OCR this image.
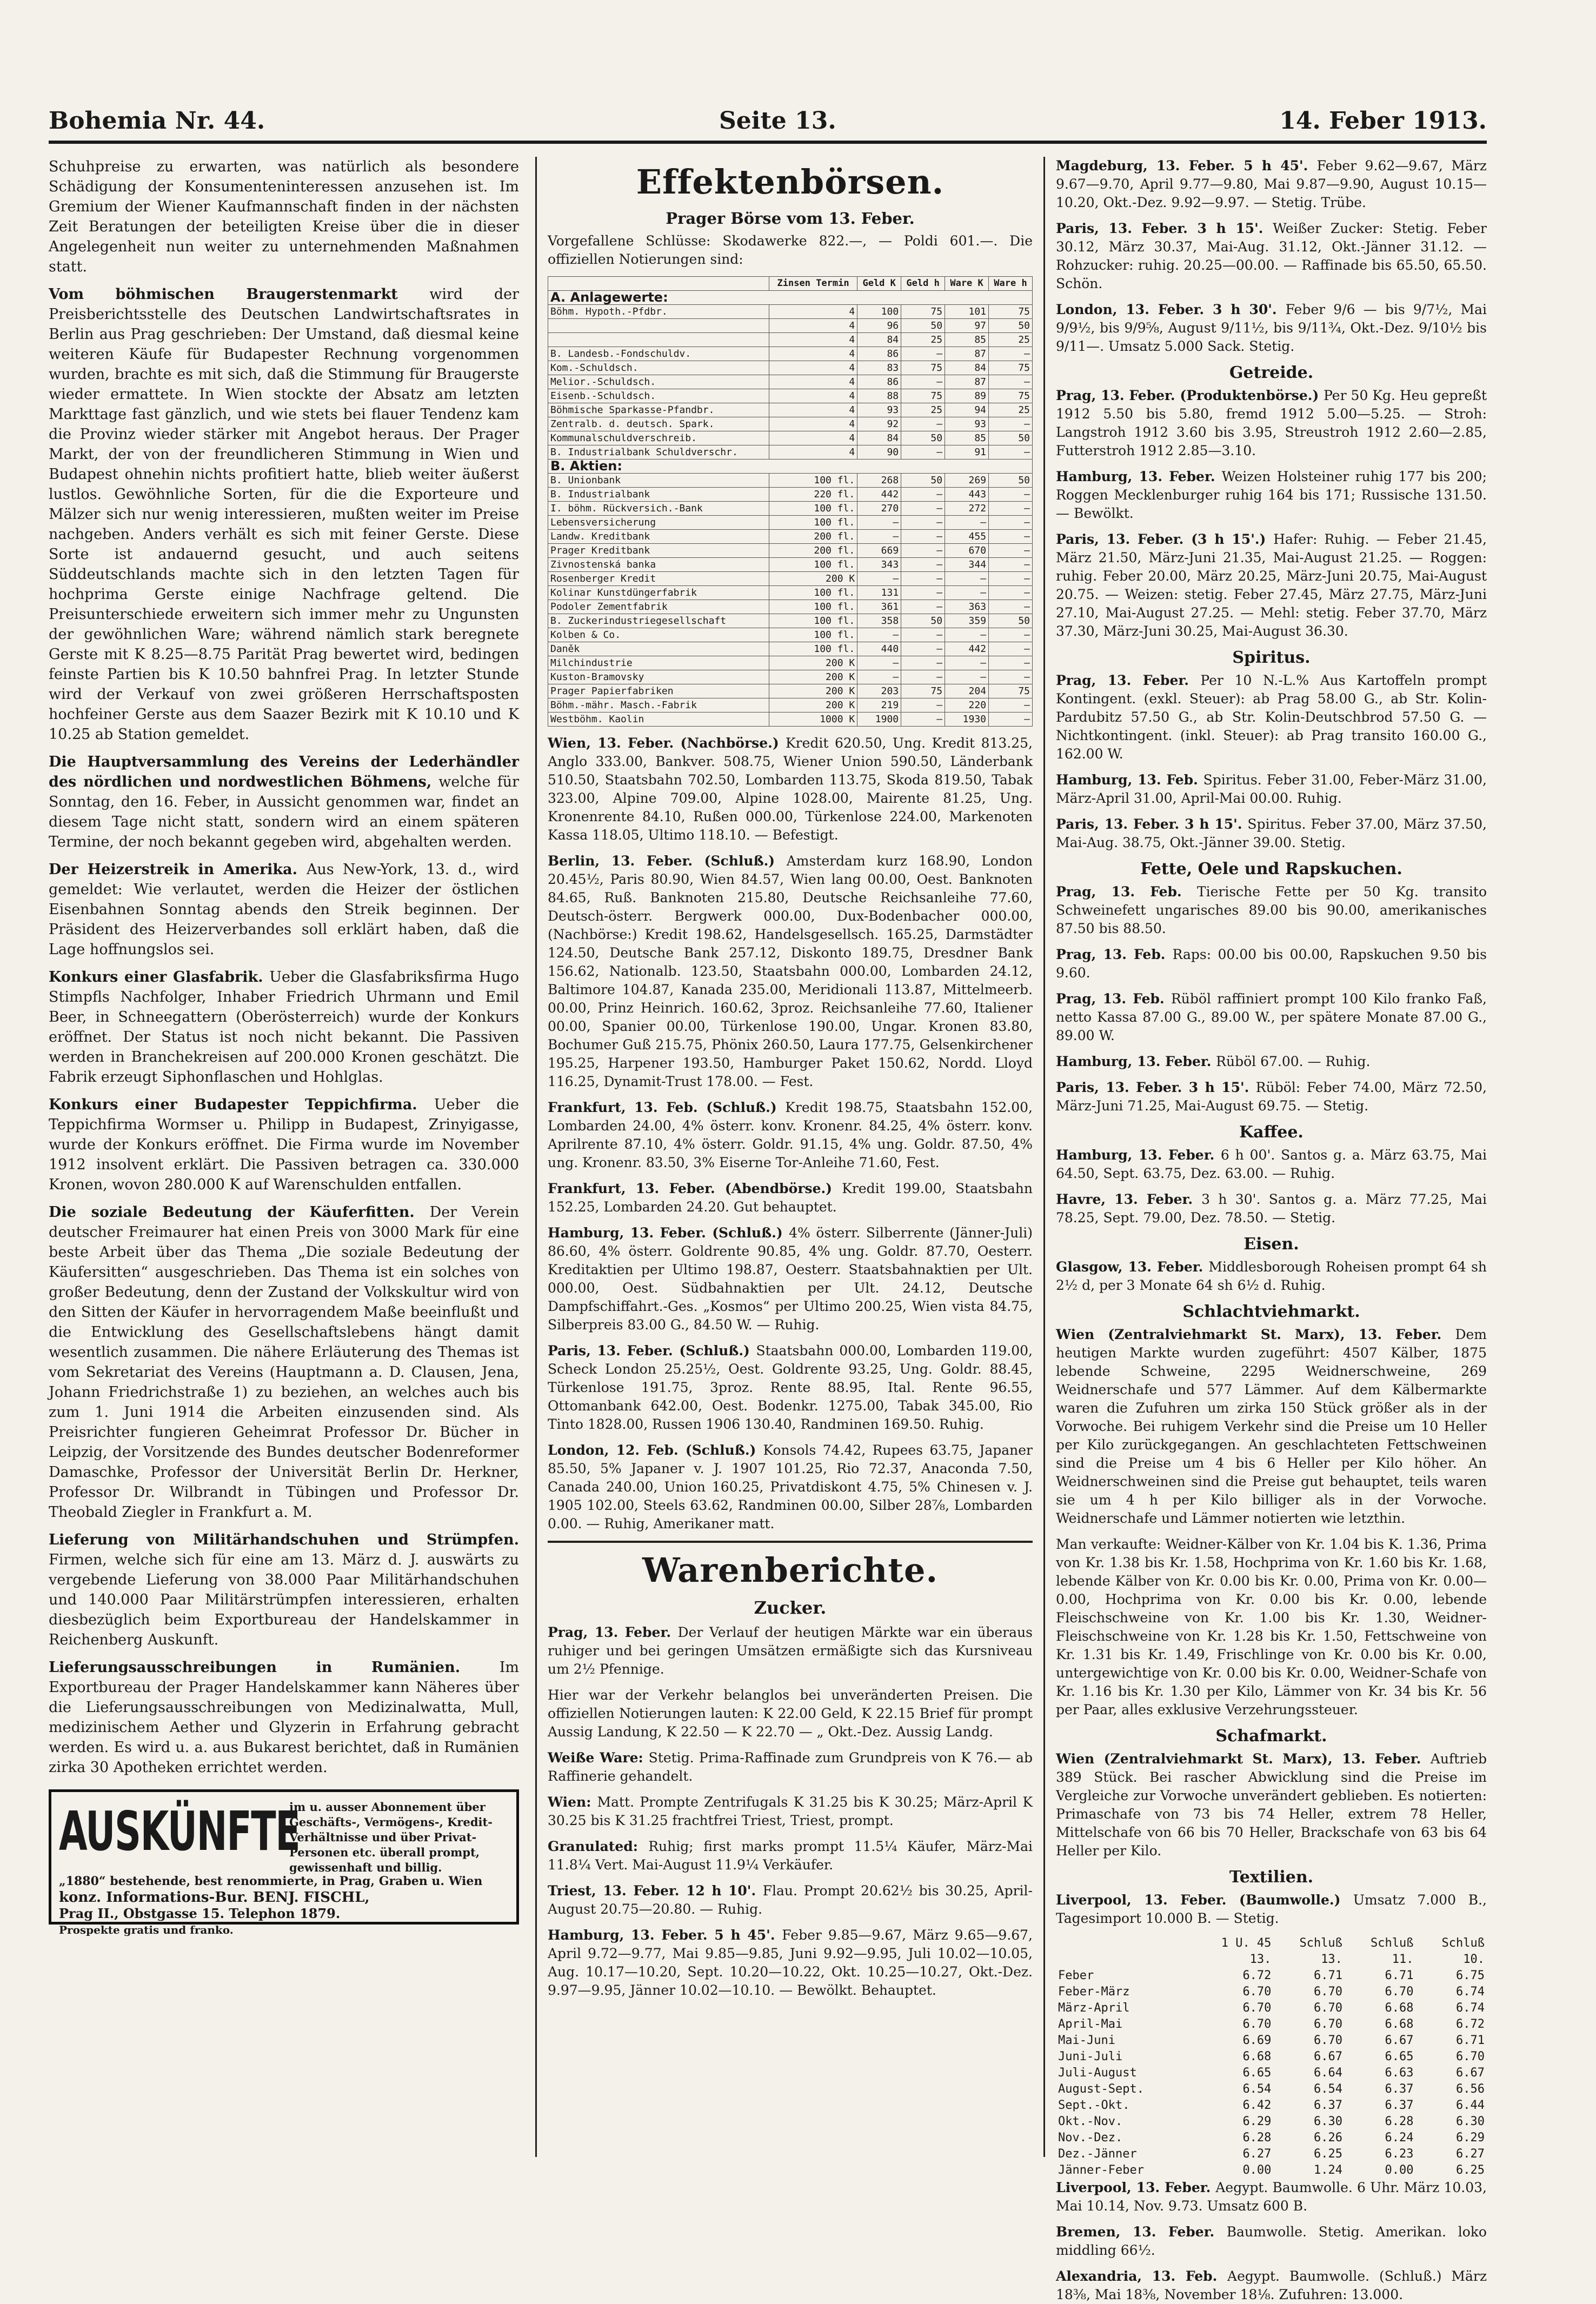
Bohemia Nr. 44.	Seite 13.	14. Feber 1913.

Schuhpreise zu erwarten, was natürlich als besondere Schädigung der Konsumenteninteressen anzusehen ist. Im Gremium der Wiener Kaufmannschaft finden in der nächsten Zeit Beratungen der beteiligten Kreise über die in dieser Angelegenheit nun weiter zu unternehmenden Maßnahmen statt.

Vom böhmischen Braugerstenmarkt wird der Preisberichtsstelle des Deutschen Landwirtschaftsrates in Berlin aus Prag geschrieben: Der Umstand, daß diesmal keine weiteren Käufe für Budapester Rechnung vorgenommen wurden, brachte es mit sich, daß die Stimmung für Braugerste wieder ermattete. In Wien stockte der Absatz am letzten Markttage fast gänzlich, und wie stets bei flauer Tendenz kam die Provinz wieder stärker mit Angebot heraus. Der Prager Markt, der von der freundlicheren Stimmung in Wien und Budapest ohnehin nichts profitiert hatte, blieb weiter äußerst lustlos. Gewöhnliche Sorten, für die die Exporteure und Mälzer sich nur wenig interessieren, mußten weiter im Preise nachgeben. Anders verhält es sich mit feiner Gerste. Diese Sorte ist andauernd gesucht, und auch seitens Süddeutschlands machte sich in den letzten Tagen für hochprima Gerste einige Nachfrage geltend. Die Preisunterschiede erweitern sich immer mehr zu Ungunsten der gewöhnlichen Ware; während nämlich stark beregnete Gerste mit K 8.25—8.75 Parität Prag bewertet wird, bedingen feinste Partien bis K 10.50 bahnfrei Prag. In letzter Stunde wird der Verkauf von zwei größeren Herrschaftsposten hochfeiner Gerste aus dem Saazer Bezirk mit K 10.10 und K 10.25 ab Station gemeldet.

Die Hauptversammlung des Vereins der Lederhändler des nördlichen und nordwestlichen Böhmens, welche für Sonntag, den 16. Feber, in Aussicht genommen war, findet an diesem Tage nicht statt, sondern wird an einem späteren Termine, der noch bekannt gegeben wird, abgehalten werden.

Der Heizerstreik in Amerika. Aus New-York, 13. d., wird gemeldet: Wie verlautet, werden die Heizer der östlichen Eisenbahnen Sonntag abends den Streik beginnen. Der Präsident des Heizerverbandes soll erklärt haben, daß die Lage hoffnungslos sei.

Konkurs einer Glasfabrik. Ueber die Glasfabriksfirma Hugo Stimpfls Nachfolger, Inhaber Friedrich Uhrmann und Emil Beer, in Schneegattern (Oberösterreich) wurde der Konkurs eröffnet. Der Status ist noch nicht bekannt. Die Passiven werden in Branchekreisen auf 200.000 Kronen geschätzt. Die Fabrik erzeugt Siphonflaschen und Hohlglas.

Konkurs einer Budapester Teppichfirma. Ueber die Teppichfirma Wormser u. Philipp in Budapest, Zrinyigasse, wurde der Konkurs eröffnet. Die Firma wurde im November 1912 insolvent erklärt. Die Passiven betragen ca. 330.000 Kronen, wovon 280.000 K auf Warenschulden entfallen.

Die soziale Bedeutung der Käuferfitten. Der Verein deutscher Freimaurer hat einen Preis von 3000 Mark für eine beste Arbeit über das Thema „Die soziale Bedeutung der Käufersitten“ ausgeschrieben. Das Thema ist ein solches von großer Bedeutung, denn der Zustand der Volkskultur wird von den Sitten der Käufer in hervorragendem Maße beeinflußt und die Entwicklung des Gesellschaftslebens hängt damit wesentlich zusammen. Die nähere Erläuterung des Themas ist vom Sekretariat des Vereins (Hauptmann a. D. Clausen, Jena, Johann Friedrichstraße 1) zu beziehen, an welches auch bis zum 1. Juni 1914 die Arbeiten einzusenden sind. Als Preisrichter fungieren Geheimrat Professor Dr. Bücher in Leipzig, der Vorsitzende des Bundes deutscher Bodenreformer Damaschke, Professor der Universität Berlin Dr. Herkner, Professor Dr. Wilbrandt in Tübingen und Professor Dr. Theobald Ziegler in Frankfurt a. M.

Lieferung von Militärhandschuhen und Strümpfen. Firmen, welche sich für eine am 13. März d. J. auswärts zu vergebende Lieferung von 38.000 Paar Militärhandschuhen und 140.000 Paar Militärstrümpfen interessieren, erhalten diesbezüglich beim Exportbureau der Handelskammer in Reichenberg Auskunft.

Lieferungsausschreibungen in Rumänien. Im Exportbureau der Prager Handelskammer kann Näheres über die Lieferungsausschreibungen von Medizinalwatta, Mull, medizinischem Aether und Glyzerin in Erfahrung gebracht werden. Es wird u. a. aus Bukarest berichtet, daß in Rumänien zirka 30 Apotheken errichtet werden.

AUSKÜNFTE
im u. ausser Abonnement über Geschäfts-, Vermögens-, Kredit-Verhältnisse und über Privat-Personen etc. überall prompt, gewissenhaft und billig.
„1880“ bestehende, best renommierte, in Prag, Graben u. Wien
konz. Informations-Bur. BENJ. FISCHL,
Prag II., Obstgasse 15. Telephon 1879.
Prospekte gratis und franko.
Effektenbörsen.
Prager Börse vom 13. Feber.

Vorgefallene Schlüsse: Skodawerke 822.—, — Poldi 601.—. Die offiziellen Notierungen sind:

	Zinsen Termin	Geld K	Geld h	Ware K	Ware h
A. Anlagewerte:					
Böhm. Hypoth.-Pfdbr.	4	100	75	101	75
	4	96	50	97	50
	4	84	25	85	25
B. Landesb.-Fondschuldv.	4	86	—	87	—
Kom.-Schuldsch.	4	83	75	84	75
Melior.-Schuldsch.	4	86	—	87	—
Eisenb.-Schuldsch.	4	88	75	89	75
Böhmische Sparkasse-Pfandbr.	4	93	25	94	25
Zentralb. d. deutsch. Spark.	4	92	—	93	—
Kommunalschuldverschreib.	4	84	50	85	50
B. Industrialbank Schuldverschr.	4	90	—	91	—
B. Aktien:					
B. Unionbank	100 fl.	268	50	269	50
B. Industrialbank	220 fl.	442	—	443	—
I. böhm. Rückversich.-Bank	100 fl.	270	—	272	—
Lebensversicherung	100 fl.	—	—	—	—
Landw. Kreditbank	200 fl.	—	—	455	—
Prager Kreditbank	200 fl.	669	—	670	—
Zivnostenská banka	100 fl.	343	—	344	—
Rosenberger Kredit	200 K	—	—	—	—
Kolinar Kunstdüngerfabrik	100 fl.	131	—	—	—
Podoler Zementfabrik	100 fl.	361	—	363	—
B. Zuckerindustriegesellschaft	100 fl.	358	50	359	50
Kolben & Co.	100 fl.	—	—	—	—
Daněk	100 fl.	440	—	442	—
Milchindustrie	200 K	—	—	—	—
Kuston-Bramovsky	200 K	—	—	—	—
Prager Papierfabriken	200 K	203	75	204	75
Böhm.-mähr. Masch.-Fabrik	200 K	219	—	220	—
Westböhm. Kaolin	1000 K	1900	—	1930	—

Wien, 13. Feber. (Nachbörse.) Kredit 620.50, Ung. Kredit 813.25, Anglo 333.00, Bankver. 508.75, Wiener Union 590.50, Länderbank 510.50, Staatsbahn 702.50, Lombarden 113.75, Skoda 819.50, Tabak 323.00, Alpine 709.00, Alpine 1028.00, Mairente 81.25, Ung. Kronenrente 84.10, Rußen 000.00, Türkenlose 224.00, Markenoten Kassa 118.05, Ultimo 118.10. — Befestigt.

Berlin, 13. Feber. (Schluß.) Amsterdam kurz 168.90, London 20.45½, Paris 80.90, Wien 84.57, Wien lang 00.00, Oest. Banknoten 84.65, Ruß. Banknoten 215.80, Deutsche Reichsanleihe 77.60, Deutsch-österr. Bergwerk 000.00, Dux-Bodenbacher 000.00, (Nachbörse:) Kredit 198.62, Handelsgesellsch. 165.25, Darmstädter 124.50, Deutsche Bank 257.12, Diskonto 189.75, Dresdner Bank 156.62, Nationalb. 123.50, Staatsbahn 000.00, Lombarden 24.12, Baltimore 104.87, Kanada 235.00, Meridionali 113.87, Mittelmeerb. 00.00, Prinz Heinrich. 160.62, 3proz. Reichsanleihe 77.60, Italiener 00.00, Spanier 00.00, Türkenlose 190.00, Ungar. Kronen 83.80, Bochumer Guß 215.75, Phönix 260.50, Laura 177.75, Gelsenkirchener 195.25, Harpener 193.50, Hamburger Paket 150.62, Nordd. Lloyd 116.25, Dynamit-Trust 178.00. — Fest.

Frankfurt, 13. Feb. (Schluß.) Kredit 198.75, Staatsbahn 152.00, Lombarden 24.00, 4% österr. konv. Kronenr. 84.25, 4% österr. konv. Aprilrente 87.10, 4% österr. Goldr. 91.15, 4% ung. Goldr. 87.50, 4% ung. Kronenr. 83.50, 3% Eiserne Tor-Anleihe 71.60, Fest.

Frankfurt, 13. Feber. (Abendbörse.) Kredit 199.00, Staatsbahn 152.25, Lombarden 24.20. Gut behauptet.

Hamburg, 13. Feber. (Schluß.) 4% österr. Silberrente (Jänner-Juli) 86.60, 4% österr. Goldrente 90.85, 4% ung. Goldr. 87.70, Oesterr. Kreditaktien per Ultimo 198.87, Oesterr. Staatsbahnaktien per Ult. 000.00, Oest. Südbahnaktien per Ult. 24.12, Deutsche Dampfschiffahrt.-Ges. „Kosmos“ per Ultimo 200.25, Wien vista 84.75, Silberpreis 83.00 G., 84.50 W. — Ruhig.

Paris, 13. Feber. (Schluß.) Staatsbahn 000.00, Lombarden 119.00, Scheck London 25.25½, Oest. Goldrente 93.25, Ung. Goldr. 88.45, Türkenlose 191.75, 3proz. Rente 88.95, Ital. Rente 96.55, Ottomanbank 642.00, Oest. Bodenkr. 1275.00, Tabak 345.00, Rio Tinto 1828.00, Russen 1906 130.40, Randminen 169.50. Ruhig.

London, 12. Feb. (Schluß.) Konsols 74.42, Rupees 63.75, Japaner 85.50, 5% Japaner v. J. 1907 101.25, Rio 72.37, Anaconda 7.50, Canada 240.00, Union 160.25, Privatdiskont 4.75, 5% Chinesen v. J. 1905 102.00, Steels 63.62, Randminen 00.00, Silber 28⅞, Lombarden 0.00. — Ruhig, Amerikaner matt.

Warenberichte.
Zucker.

Prag, 13. Feber. Der Verlauf der heutigen Märkte war ein überaus ruhiger und bei geringen Umsätzen ermäßigte sich das Kursniveau um 2½ Pfennige.

Hier war der Verkehr belanglos bei unveränderten Preisen. Die offiziellen Notierungen lauten: K 22.00 Geld, K 22.15 Brief für prompt Aussig Landung, K 22.50 — K 22.70 — „ Okt.-Dez. Aussig Landg.

Weiße Ware: Stetig. Prima-Raffinade zum Grundpreis von K 76.— ab Raffinerie gehandelt.

Wien: Matt. Prompte Zentrifugals K 31.25 bis K 30.25; März-April K 30.25 bis K 31.25 frachtfrei Triest, Triest, prompt.

Granulated: Ruhig; first marks prompt 11.5¼ Käufer, März-Mai 11.8¼ Vert. Mai-August 11.9¼ Verkäufer.

Triest, 13. Feber. 12 h 10'. Flau. Prompt 20.62½ bis 30.25, April-August 20.75—20.80. — Ruhig.

Hamburg, 13. Feber. 5 h 45'. Feber 9.85—9.67, März 9.65—9.67, April 9.72—9.77, Mai 9.85—9.85, Juni 9.92—9.95, Juli 10.02—10.05, Aug. 10.17—10.20, Sept. 10.20—10.22, Okt. 10.25—10.27, Okt.-Dez. 9.97—9.95, Jänner 10.02—10.10. — Bewölkt. Behauptet.

Magdeburg, 13. Feber. 5 h 45'. Feber 9.62—9.67, März 9.67—9.70, April 9.77—9.80, Mai 9.87—9.90, August 10.15—10.20, Okt.-Dez. 9.92—9.97. — Stetig. Trübe.

Paris, 13. Feber. 3 h 15'. Weißer Zucker: Stetig. Feber 30.12, März 30.37, Mai-Aug. 31.12, Okt.-Jänner 31.12. — Rohzucker: ruhig. 20.25—00.00. — Raffinade bis 65.50, 65.50. Schön.

London, 13. Feber. 3 h 30'. Feber 9/6 — bis 9/7½, Mai 9/9½, bis 9/9⅝, August 9/11½, bis 9/11¾, Okt.-Dez. 9/10½ bis 9/11—. Umsatz 5.000 Sack. Stetig.

Getreide.

Prag, 13. Feber. (Produktenbörse.) Per 50 Kg. Heu gepreßt 1912 5.50 bis 5.80, fremd 1912 5.00—5.25. — Stroh: Langstroh 1912 3.60 bis 3.95, Streustroh 1912 2.60—2.85, Futterstroh 1912 2.85—3.10.

Hamburg, 13. Feber. Weizen Holsteiner ruhig 177 bis 200; Roggen Mecklenburger ruhig 164 bis 171; Russische 131.50. — Bewölkt.

Paris, 13. Feber. (3 h 15'.) Hafer: Ruhig. — Feber 21.45, März 21.50, März-Juni 21.35, Mai-August 21.25. — Roggen: ruhig. Feber 20.00, März 20.25, März-Juni 20.75, Mai-August 20.75. — Weizen: stetig. Feber 27.45, März 27.75, März-Juni 27.10, Mai-August 27.25. — Mehl: stetig. Feber 37.70, März 37.30, März-Juni 30.25, Mai-August 36.30.

Spiritus.

Prag, 13. Feber. Per 10 N.-L.% Aus Kartoffeln prompt Kontingent. (exkl. Steuer): ab Prag 58.00 G., ab Str. Kolin-Pardubitz 57.50 G., ab Str. Kolin-Deutschbrod 57.50 G. — Nichtkontingent. (inkl. Steuer): ab Prag transito 160.00 G., 162.00 W.

Hamburg, 13. Feb. Spiritus. Feber 31.00, Feber-März 31.00, März-April 31.00, April-Mai 00.00. Ruhig.

Paris, 13. Feber. 3 h 15'. Spiritus. Feber 37.00, März 37.50, Mai-Aug. 38.75, Okt.-Jänner 39.00. Stetig.

Fette, Oele und Rapskuchen.

Prag, 13. Feb. Tierische Fette per 50 Kg. transito Schweinefett ungarisches 89.00 bis 90.00, amerikanisches 87.50 bis 88.50.

Prag, 13. Feb. Raps: 00.00 bis 00.00, Rapskuchen 9.50 bis 9.60.

Prag, 13. Feb. Rüböl raffiniert prompt 100 Kilo franko Faß, netto Kassa 87.00 G., 89.00 W., per spätere Monate 87.00 G., 89.00 W.

Hamburg, 13. Feber. Rüböl 67.00. — Ruhig.

Paris, 13. Feber. 3 h 15'. Rüböl: Feber 74.00, März 72.50, März-Juni 71.25, Mai-August 69.75. — Stetig.

Kaffee.

Hamburg, 13. Feber. 6 h 00'. Santos g. a. März 63.75, Mai 64.50, Sept. 63.75, Dez. 63.00. — Ruhig.

Havre, 13. Feber. 3 h 30'. Santos g. a. März 77.25, Mai 78.25, Sept. 79.00, Dez. 78.50. — Stetig.

Eisen.

Glasgow, 13. Feber. Middlesborough Roheisen prompt 64 sh 2½ d, per 3 Monate 64 sh 6½ d. Ruhig.

Schlachtviehmarkt.

Wien (Zentralviehmarkt St. Marx), 13. Feber. Dem heutigen Markte wurden zugeführt: 4507 Kälber, 1875 lebende Schweine, 2295 Weidnerschweine, 269 Weidnerschafe und 577 Lämmer. Auf dem Kälbermarkte waren die Zufuhren um zirka 150 Stück größer als in der Vorwoche. Bei ruhigem Verkehr sind die Preise um 10 Heller per Kilo zurückgegangen. An geschlachteten Fettschweinen sind die Preise um 4 bis 6 Heller per Kilo höher. An Weidnerschweinen sind die Preise gut behauptet, teils waren sie um 4 h per Kilo billiger als in der Vorwoche. Weidnerschafe und Lämmer notierten wie letzthin.

Man verkaufte: Weidner-Kälber von Kr. 1.04 bis K. 1.36, Prima von Kr. 1.38 bis Kr. 1.58, Hochprima von Kr. 1.60 bis Kr. 1.68, lebende Kälber von Kr. 0.00 bis Kr. 0.00, Prima von Kr. 0.00—0.00, Hochprima von Kr. 0.00 bis Kr. 0.00, lebende Fleischschweine von Kr. 1.00 bis Kr. 1.30, Weidner-Fleischschweine von Kr. 1.28 bis Kr. 1.50, Fettschweine von Kr. 1.31 bis Kr. 1.49, Frischlinge von Kr. 0.00 bis Kr. 0.00, untergewichtige von Kr. 0.00 bis Kr. 0.00, Weidner-Schafe von Kr. 1.16 bis Kr. 1.30 per Kilo, Lämmer von Kr. 34 bis Kr. 56 per Paar, alles exklusive Verzehrungssteuer.

Schafmarkt.

Wien (Zentralviehmarkt St. Marx), 13. Feber. Auftrieb 389 Stück. Bei rascher Abwicklung sind die Preise im Vergleiche zur Vorwoche unverändert geblieben. Es notierten: Primaschafe von 73 bis 74 Heller, extrem 78 Heller, Mittelschafe von 66 bis 70 Heller, Brackschafe von 63 bis 64 Heller per Kilo.

Textilien.

Liverpool, 13. Feber. (Baumwolle.) Umsatz 7.000 B., Tagesimport 10.000 B. — Stetig.

	1 U. 45	Schluß	Schluß	Schluß
	13.	13.	11.	10.
Feber	6.72	6.71	6.71	6.75
Feber-März	6.70	6.70	6.70	6.74
März-April	6.70	6.70	6.68	6.74
April-Mai	6.70	6.70	6.68	6.72
Mai-Juni	6.69	6.70	6.67	6.71
Juni-Juli	6.68	6.67	6.65	6.70
Juli-August	6.65	6.64	6.63	6.67
August-Sept.	6.54	6.54	6.37	6.56
Sept.-Okt.	6.42	6.37	6.37	6.44
Okt.-Nov.	6.29	6.30	6.28	6.30
Nov.-Dez.	6.28	6.26	6.24	6.29
Dez.-Jänner	6.27	6.25	6.23	6.27
Jänner-Feber	0.00	1.24	0.00	6.25

Liverpool, 13. Feber. Aegypt. Baumwolle. 6 Uhr. März 10.03, Mai 10.14, Nov. 9.73. Umsatz 600 B.

Bremen, 13. Feber. Baumwolle. Stetig. Amerikan. loko middling 66½.

Alexandria, 13. Feb. Aegypt. Baumwolle. (Schluß.) März 18⅜, Mai 18⅜, November 18⅛. Zufuhren: 13.000.
